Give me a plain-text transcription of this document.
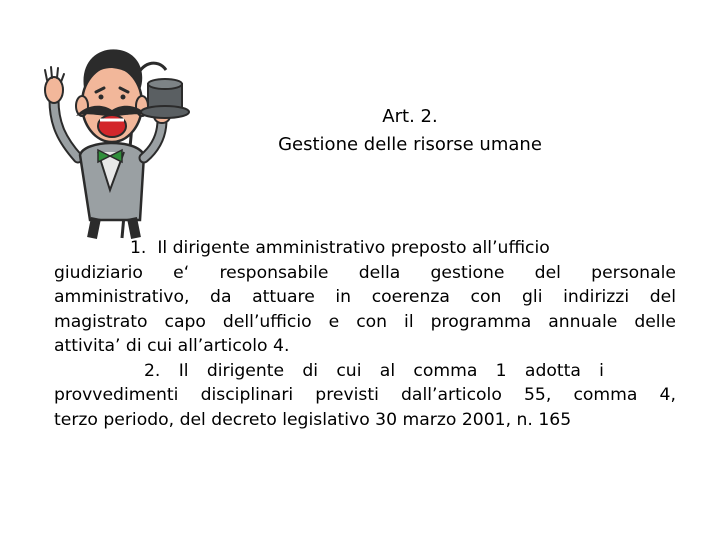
Art. 2.
Gestione delle risorse umane
1.  Il dirigente amministrativo preposto all’ufficio
giudiziario e‘ responsabile della gestione del personale
amministrativo, da attuare in coerenza con gli indirizzi del
magistrato capo dell’ufficio e con il programma annuale delle
attivita’ di cui all’articolo 4.
2. Il dirigente di cui al comma 1 adotta i
provvedimenti disciplinari previsti dall’articolo 55, comma 4,
terzo periodo, del decreto legislativo 30 marzo 2001, n. 165
